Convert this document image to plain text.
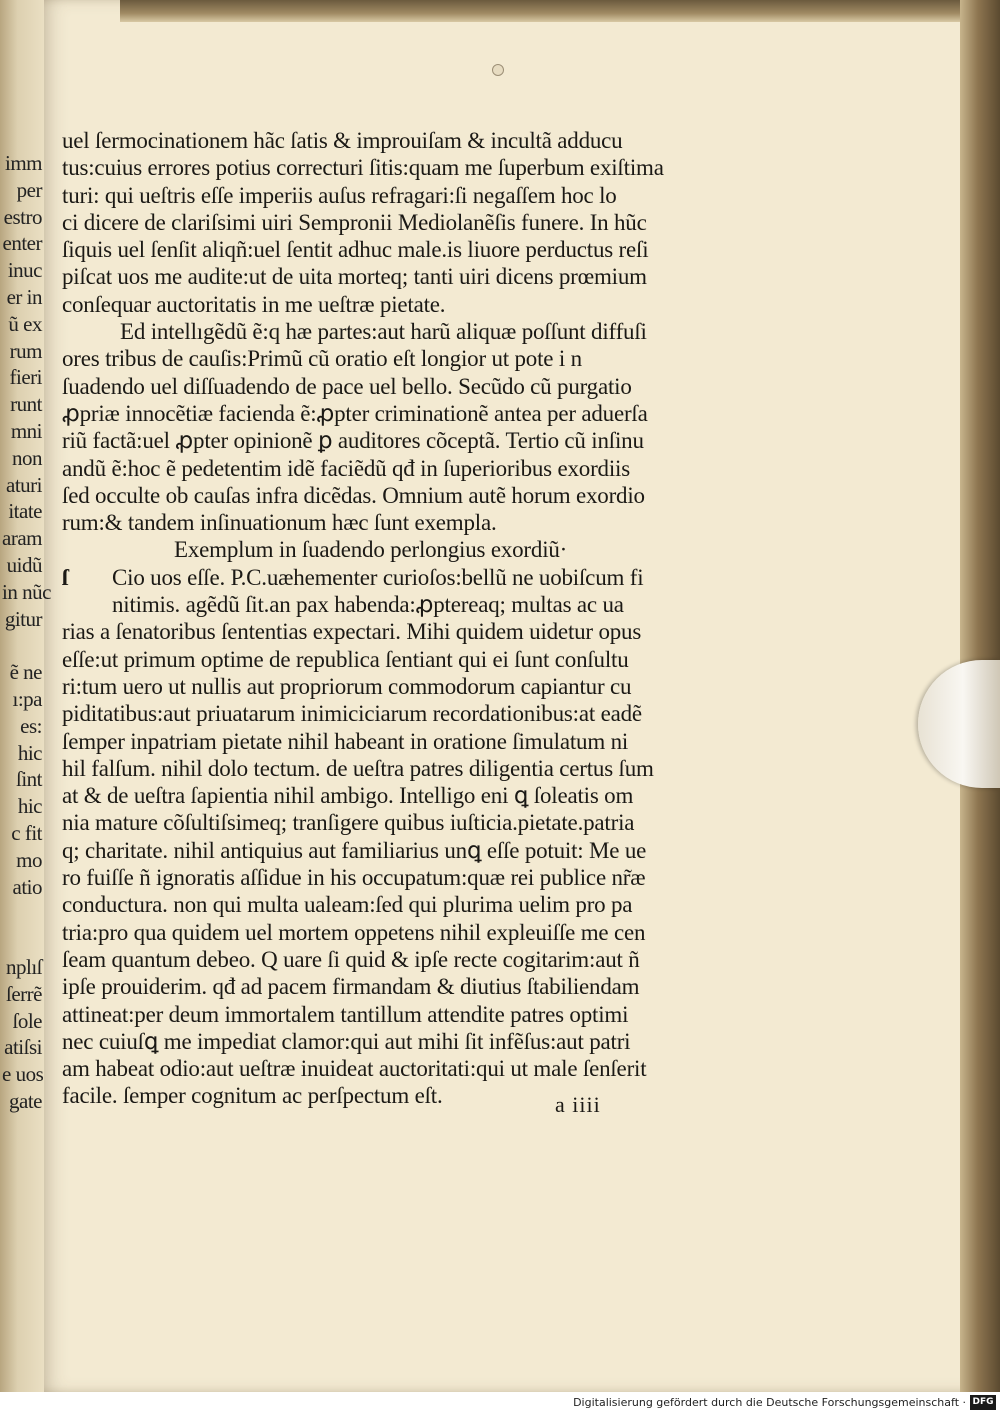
imm
per
estro
enter
inuc
er in
ũ ex
rum
fieri
runt
mni
non
aturi
itate
aram
uidũ
in nũc
gitur
ẽ ne
ı:pa
es:
hic
ſint
hic
c fit
mo
atio
nplıſ
ſerrẽ
ſole
atiſsi
e uos
gate
uel ſermocinationem hãc ſatis & improuiſam & incultã adducu
tus:cuius errores potius correcturi ſitis:quam me ſuperbum exiſtima
turi: qui ueſtris eſſe imperiis auſus refragari:ſi negaſſem hoc lo
ci dicere de clariſsimi uiri Sempronii Mediolanẽſis funere. In hũc
ſiquis uel ſenſit aliqñ:uel ſentit adhuc male.is liuore perductus reſi
piſcat uos me audite:ut de uita morteq; tanti uiri dicens prœmium
conſequar auctoritatis in me ueſtræ pietate.
Ed intellıgẽdũ ẽ:q hæ partes:aut harũ aliquæ poſſunt diffuſi
ores tribus de cauſis:Primũ cũ oratio eſt longior ut pote i n
ſuadendo uel diſſuadendo de pace uel bello. Secũdo cũ purgatio
ꝓpriæ innocẽtiæ facienda ẽ:ꝓpter criminationẽ antea per aduerſa
riũ factã:uel ꝓpter opinionẽ ꝑ auditores cõceptã. Tertio cũ inſinu
andũ ẽ:hoc ẽ pedetentim idẽ faciẽdũ qđ in ſuperioribus exordiis
ſed occulte ob cauſas infra dicẽdas. Omnium autẽ horum exordio
rum:& tandem inſinuationum hæc ſunt exempla.
Exemplum in ſuadendo perlongius exordiũ·
ſ Cio uos eſſe. P.C.uæhementer curioſos:bellũ ne uobiſcum fi
nitimis. agẽdũ ſit.an pax habenda:ꝓptereaq; multas ac ua
rias a ſenatoribus ſententias expectari. Mihi quidem uidetur opus
eſſe:ut primum optime de republica ſentiant qui ei ſunt conſultu
ri:tum uero ut nullis aut propriorum commodorum capiantur cu
piditatibus:aut priuatarum inimiciciarum recordationibus:at eadẽ
ſemper inpatriam pietate nihil habeant in oratione ſimulatum ni
hil falſum. nihil dolo tectum. de ueſtra patres diligentia certus ſum
at & de ueſtra ſapientia nihil ambigo. Intelligo eni ꝗ ſoleatis om
nia mature cõſultiſsimeq; tranſigere quibus iuſticia.pietate.patria
q; charitate. nihil antiquius aut familiarius unꝗ eſſe potuit: Me ue
ro fuiſſe ñ ignoratis aſſidue in his occupatum:quæ rei publice nr̃æ
conductura. non qui multa ualeam:ſed qui plurima uelim pro pa
tria:pro qua quidem uel mortem oppetens nihil expleuiſſe me cen
ſeam quantum debeo. Q uare ſi quid & ipſe recte cogitarim:aut ñ
ipſe prouiderim. qđ ad pacem firmandam & diutius ſtabiliendam
attineat:per deum immortalem tantillum attendite patres optimi
nec cuiuſꝗ me impediat clamor:qui aut mihi ſit infẽſus:aut patri
am habeat odio:aut ueſtræ inuideat auctoritati:qui ut male ſenſerit
facile. ſemper cognitum ac perſpectum eſt.	a iiii
Digitalisierung gefördert durch die Deutsche Forschungsgemeinschaft · DFG
